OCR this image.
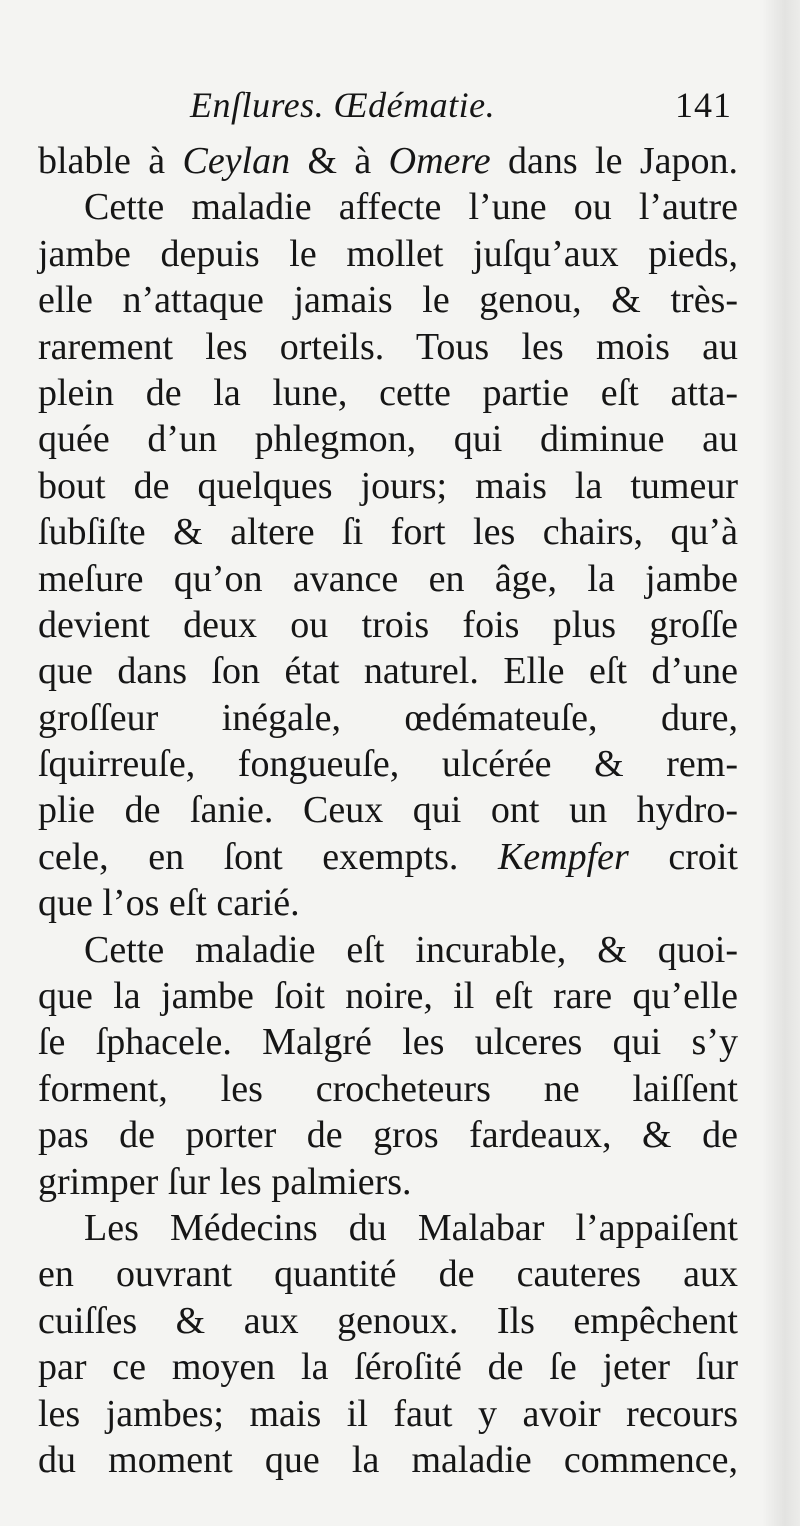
Enſlures. Œdématie.	141
blable à Ceylan & à Omere dans le Japon.
Cette maladie affecte l’une ou l’autre
jambe depuis le mollet juſqu’aux pieds,
elle n’attaque jamais le genou, & très-
rarement les orteils. Tous les mois au
plein de la lune, cette partie eſt atta-
quée d’un phlegmon, qui diminue au
bout de quelques jours; mais la tumeur
ſubſiſte & altere ſi fort les chairs, qu’à
meſure qu’on avance en âge, la jambe
devient deux ou trois fois plus groſſe
que dans ſon état naturel. Elle eſt d’une
groſſeur inégale, œdémateuſe, dure,
ſquirreuſe, fongueuſe, ulcérée & rem-
plie de ſanie. Ceux qui ont un hydro-
cele, en ſont exempts. Kempfer croit
que l’os eſt carié.
Cette maladie eſt incurable, & quoi-
que la jambe ſoit noire, il eſt rare qu’elle
ſe ſphacele. Malgré les ulceres qui s’y
forment, les crocheteurs ne laiſſent
pas de porter de gros fardeaux, & de
grimper ſur les palmiers.
Les Médecins du Malabar l’appaiſent
en ouvrant quantité de cauteres aux
cuiſſes & aux genoux. Ils empêchent
par ce moyen la ſéroſité de ſe jeter ſur
les jambes; mais il faut y avoir recours
du moment que la maladie commence,
